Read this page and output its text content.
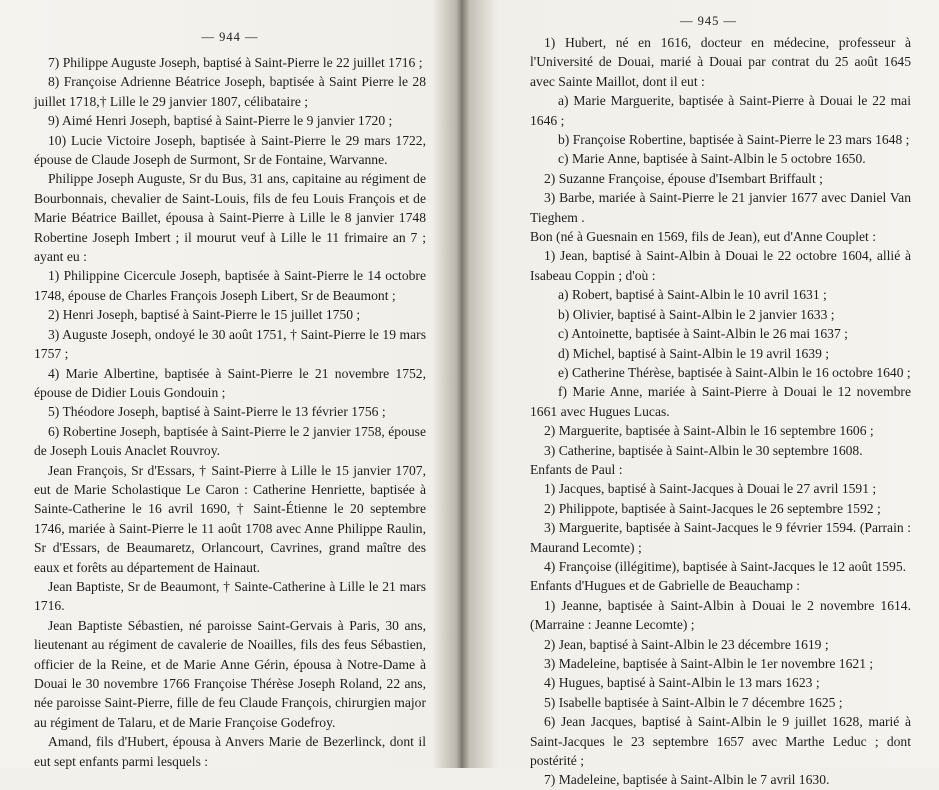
— 944 —

7) Philippe Auguste Joseph, baptisé à Saint-Pierre le 22 juillet 1716 ;

8) Françoise Adrienne Béatrice Joseph, baptisée à Saint Pierre le 28 juillet 1718,† Lille le 29 janvier 1807, célibataire ;

9) Aimé Henri Joseph, baptisé à Saint-Pierre le 9 janvier 1720 ;

10) Lucie Victoire Joseph, baptisée à Saint-Pierre le 29 mars 1722, épouse de Claude Joseph de Surmont, Sr de Fontaine, Warvanne.

Philippe Joseph Auguste, Sr du Bus, 31 ans, capitaine au régiment de Bourbonnais, chevalier de Saint-Louis, fils de feu Louis François et de Marie Béatrice Baillet, épousa à Saint-Pierre à Lille le 8 janvier 1748 Robertine Joseph Imbert ; il mourut veuf à Lille le 11 frimaire an 7 ; ayant eu :

1) Philippine Cicercule Joseph, baptisée à Saint-Pierre le 14 octobre 1748, épouse de Charles François Joseph Libert, Sr de Beaumont ;

2) Henri Joseph, baptisé à Saint-Pierre le 15 juillet 1750 ;

3) Auguste Joseph, ondoyé le 30 août 1751, † Saint-Pierre le 19 mars 1757 ;

4) Marie Albertine, baptisée à Saint-Pierre le 21 novembre 1752, épouse de Didier Louis Gondouin ;

5) Théodore Joseph, baptisé à Saint-Pierre le 13 février 1756 ;

6) Robertine Joseph, baptisée à Saint-Pierre le 2 janvier 1758, épouse de Joseph Louis Anaclet Rouvroy.

Jean François, Sr d'Essars, † Saint-Pierre à Lille le 15 janvier 1707, eut de Marie Scholastique Le Caron : Catherine Henriette, baptisée à Sainte-Catherine le 16 avril 1690, † Saint-Étienne le 20 septembre 1746, mariée à Saint-Pierre le 11 août 1708 avec Anne Philippe Raulin, Sr d'Essars, de Beaumaretz, Orlancourt, Cavrines, grand maître des eaux et forêts au département de Hainaut.

Jean Baptiste, Sr de Beaumont, † Sainte-Catherine à Lille le 21 mars 1716.

Jean Baptiste Sébastien, né paroisse Saint-Gervais à Paris, 30 ans, lieutenant au régiment de cavalerie de Noailles, fils des feus Sébastien, officier de la Reine, et de Marie Anne Gérin, épousa à Notre-Dame à Douai le 30 novembre 1766 Françoise Thérèse Joseph Roland, 22 ans, née paroisse Saint-Pierre, fille de feu Claude François, chirurgien major au régiment de Talaru, et de Marie Françoise Godefroy.

Amand, fils d'Hubert, épousa à Anvers Marie de Bezerlinck, dont il eut sept enfants parmi lesquels :

— 945 —

1) Hubert, né en 1616, docteur en médecine, professeur à l'Université de Douai, marié à Douai par contrat du 25 août 1645 avec Sainte Maillot, dont il eut :

a) Marie Marguerite, baptisée à Saint-Pierre à Douai le 22 mai 1646 ;

b) Françoise Robertine, baptisée à Saint-Pierre le 23 mars 1648 ;

c) Marie Anne, baptisée à Saint-Albin le 5 octobre 1650.

2) Suzanne Françoise, épouse d'Isembart Briffault ;

3) Barbe, mariée à Saint-Pierre le 21 janvier 1677 avec Daniel Van Tieghem .

Bon (né à Guesnain en 1569, fils de Jean), eut d'Anne Couplet :

1) Jean, baptisé à Saint-Albin à Douai le 22 octobre 1604, allié à Isabeau Coppin ; d'où :

a) Robert, baptisé à Saint-Albin le 10 avril 1631 ;

b) Olivier, baptisé à Saint-Albin le 2 janvier 1633 ;

c) Antoinette, baptisée à Saint-Albin le 26 mai 1637 ;

d) Michel, baptisé à Saint-Albin le 19 avril 1639 ;

e) Catherine Thérèse, baptisée à Saint-Albin le 16 octobre 1640 ;

f) Marie Anne, mariée à Saint-Pierre à Douai le 12 novembre 1661 avec Hugues Lucas.

2) Marguerite, baptisée à Saint-Albin le 16 septembre 1606 ;

3) Catherine, baptisée à Saint-Albin le 30 septembre 1608.

Enfants de Paul :

1) Jacques, baptisé à Saint-Jacques à Douai le 27 avril 1591 ;

2) Philippote, baptisée à Saint-Jacques le 26 septembre 1592 ;

3) Marguerite, baptisée à Saint-Jacques le 9 février 1594. (Parrain : Maurand Lecomte) ;

4) Françoise (illégitime), baptisée à Saint-Jacques le 12 août 1595.

Enfants d'Hugues et de Gabrielle de Beauchamp :

1) Jeanne, baptisée à Saint-Albin à Douai le 2 novembre 1614. (Marraine : Jeanne Lecomte) ;

2) Jean, baptisé à Saint-Albin le 23 décembre 1619 ;

3) Madeleine, baptisée à Saint-Albin le 1er novembre 1621 ;

4) Hugues, baptisé à Saint-Albin le 13 mars 1623 ;

5) Isabelle baptisée à Saint-Albin le 7 décembre 1625 ;

6) Jean Jacques, baptisé à Saint-Albin le 9 juillet 1628, marié à Saint-Jacques le 23 septembre 1657 avec Marthe Leduc ; dont postérité ;

7) Madeleine, baptisée à Saint-Albin le 7 avril 1630.
